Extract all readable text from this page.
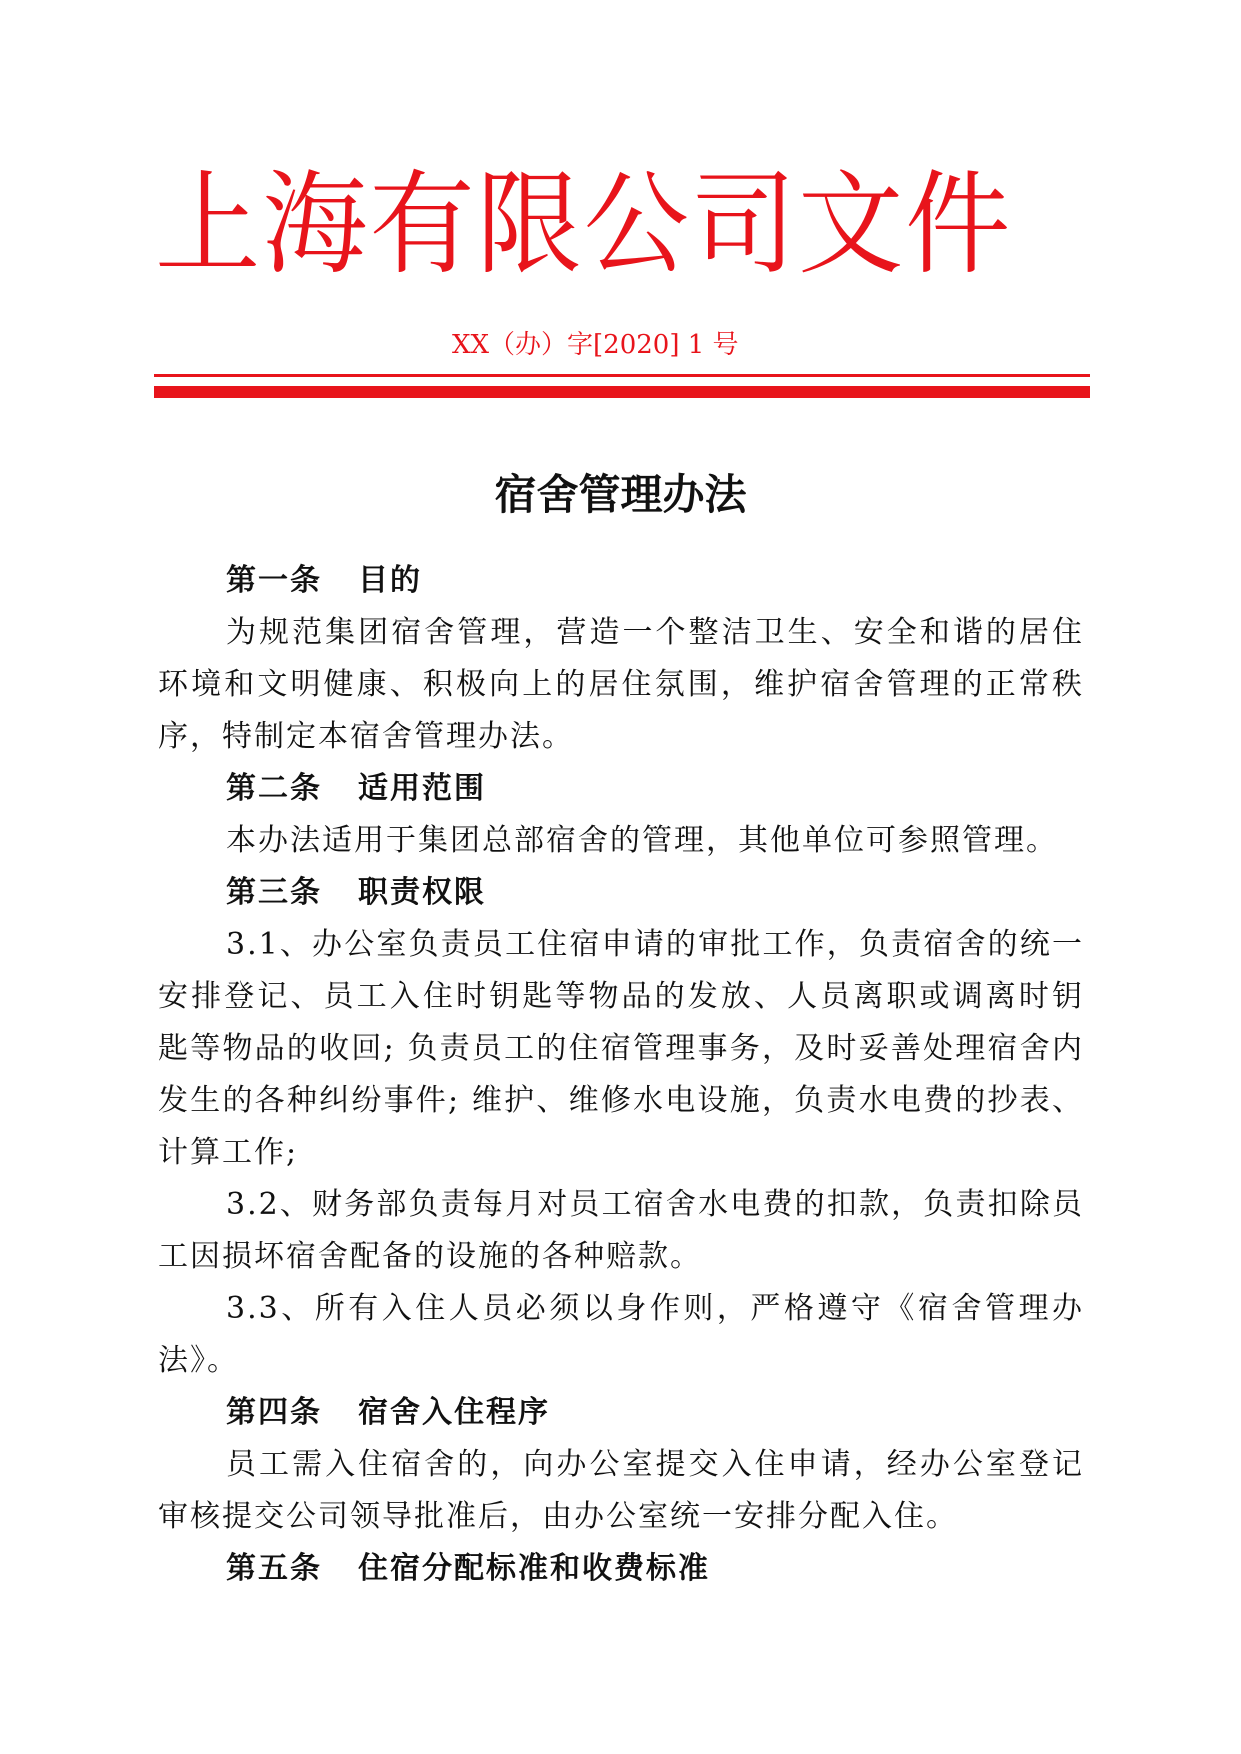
上海有限公司文件
XX（办）字[2020] 1 号
宿舍管理办法
第一条 目的

为规范集团宿舍管理，营造一个整洁卫生、安全和谐的居住环境和文明健康、积极向上的居住氛围，维护宿舍管理的正常秩序，特制定本宿舍管理办法。

第二条 适用范围

本办法适用于集团总部宿舍的管理，其他单位可参照管理。

第三条 职责权限

3.1、办公室负责员工住宿申请的审批工作，负责宿舍的统一安排登记、员工入住时钥匙等物品的发放、人员离职或调离时钥匙等物品的收回; 负责员工的住宿管理事务，及时妥善处理宿舍内发生的各种纠纷事件; 维护、维修水电设施，负责水电费的抄表、计算工作;

3.2、财务部负责每月对员工宿舍水电费的扣款，负责扣除员工因损坏宿舍配备的设施的各种赔款。

3.3、所有入住人员必须以身作则，严格遵守《宿舍管理办法》。

第四条 宿舍入住程序

员工需入住宿舍的，向办公室提交入住申请，经办公室登记审核提交公司领导批准后，由办公室统一安排分配入住。

第五条 住宿分配标准和收费标准
